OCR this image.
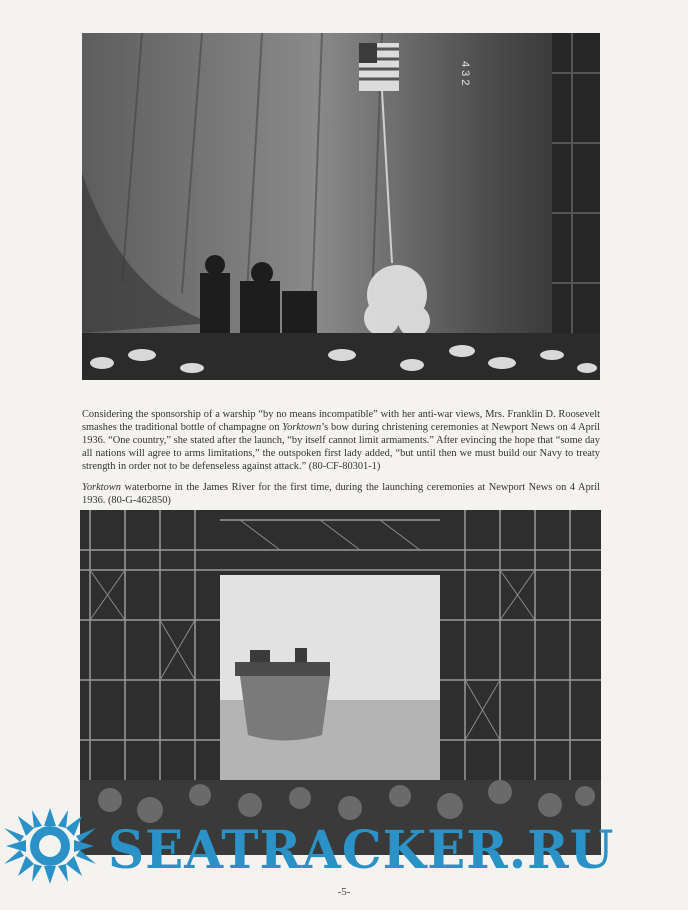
4 3 2

Considering the sponsorship of a warship “by no means incompatible” with her anti-war views, Mrs. Franklin D. Roosevelt smashes the traditional bottle of champagne on Yorktown’s bow during christening ceremonies at Newport News on 4 April 1936. “One country,” she stated after the launch, “by itself cannot limit armaments.” After evincing the hope that “some day all nations will agree to arms limitations,” the outspoken first lady added, “but until then we must build our Navy to treaty strength in order not to be defenseless against attack.” (80-CF-80301-1)

Yorktown waterborne in the James River for the first time, during the launching ceremonies at Newport News on 4 April 1936. (80-G-462850)

SEATRACKER.RU
-5-
